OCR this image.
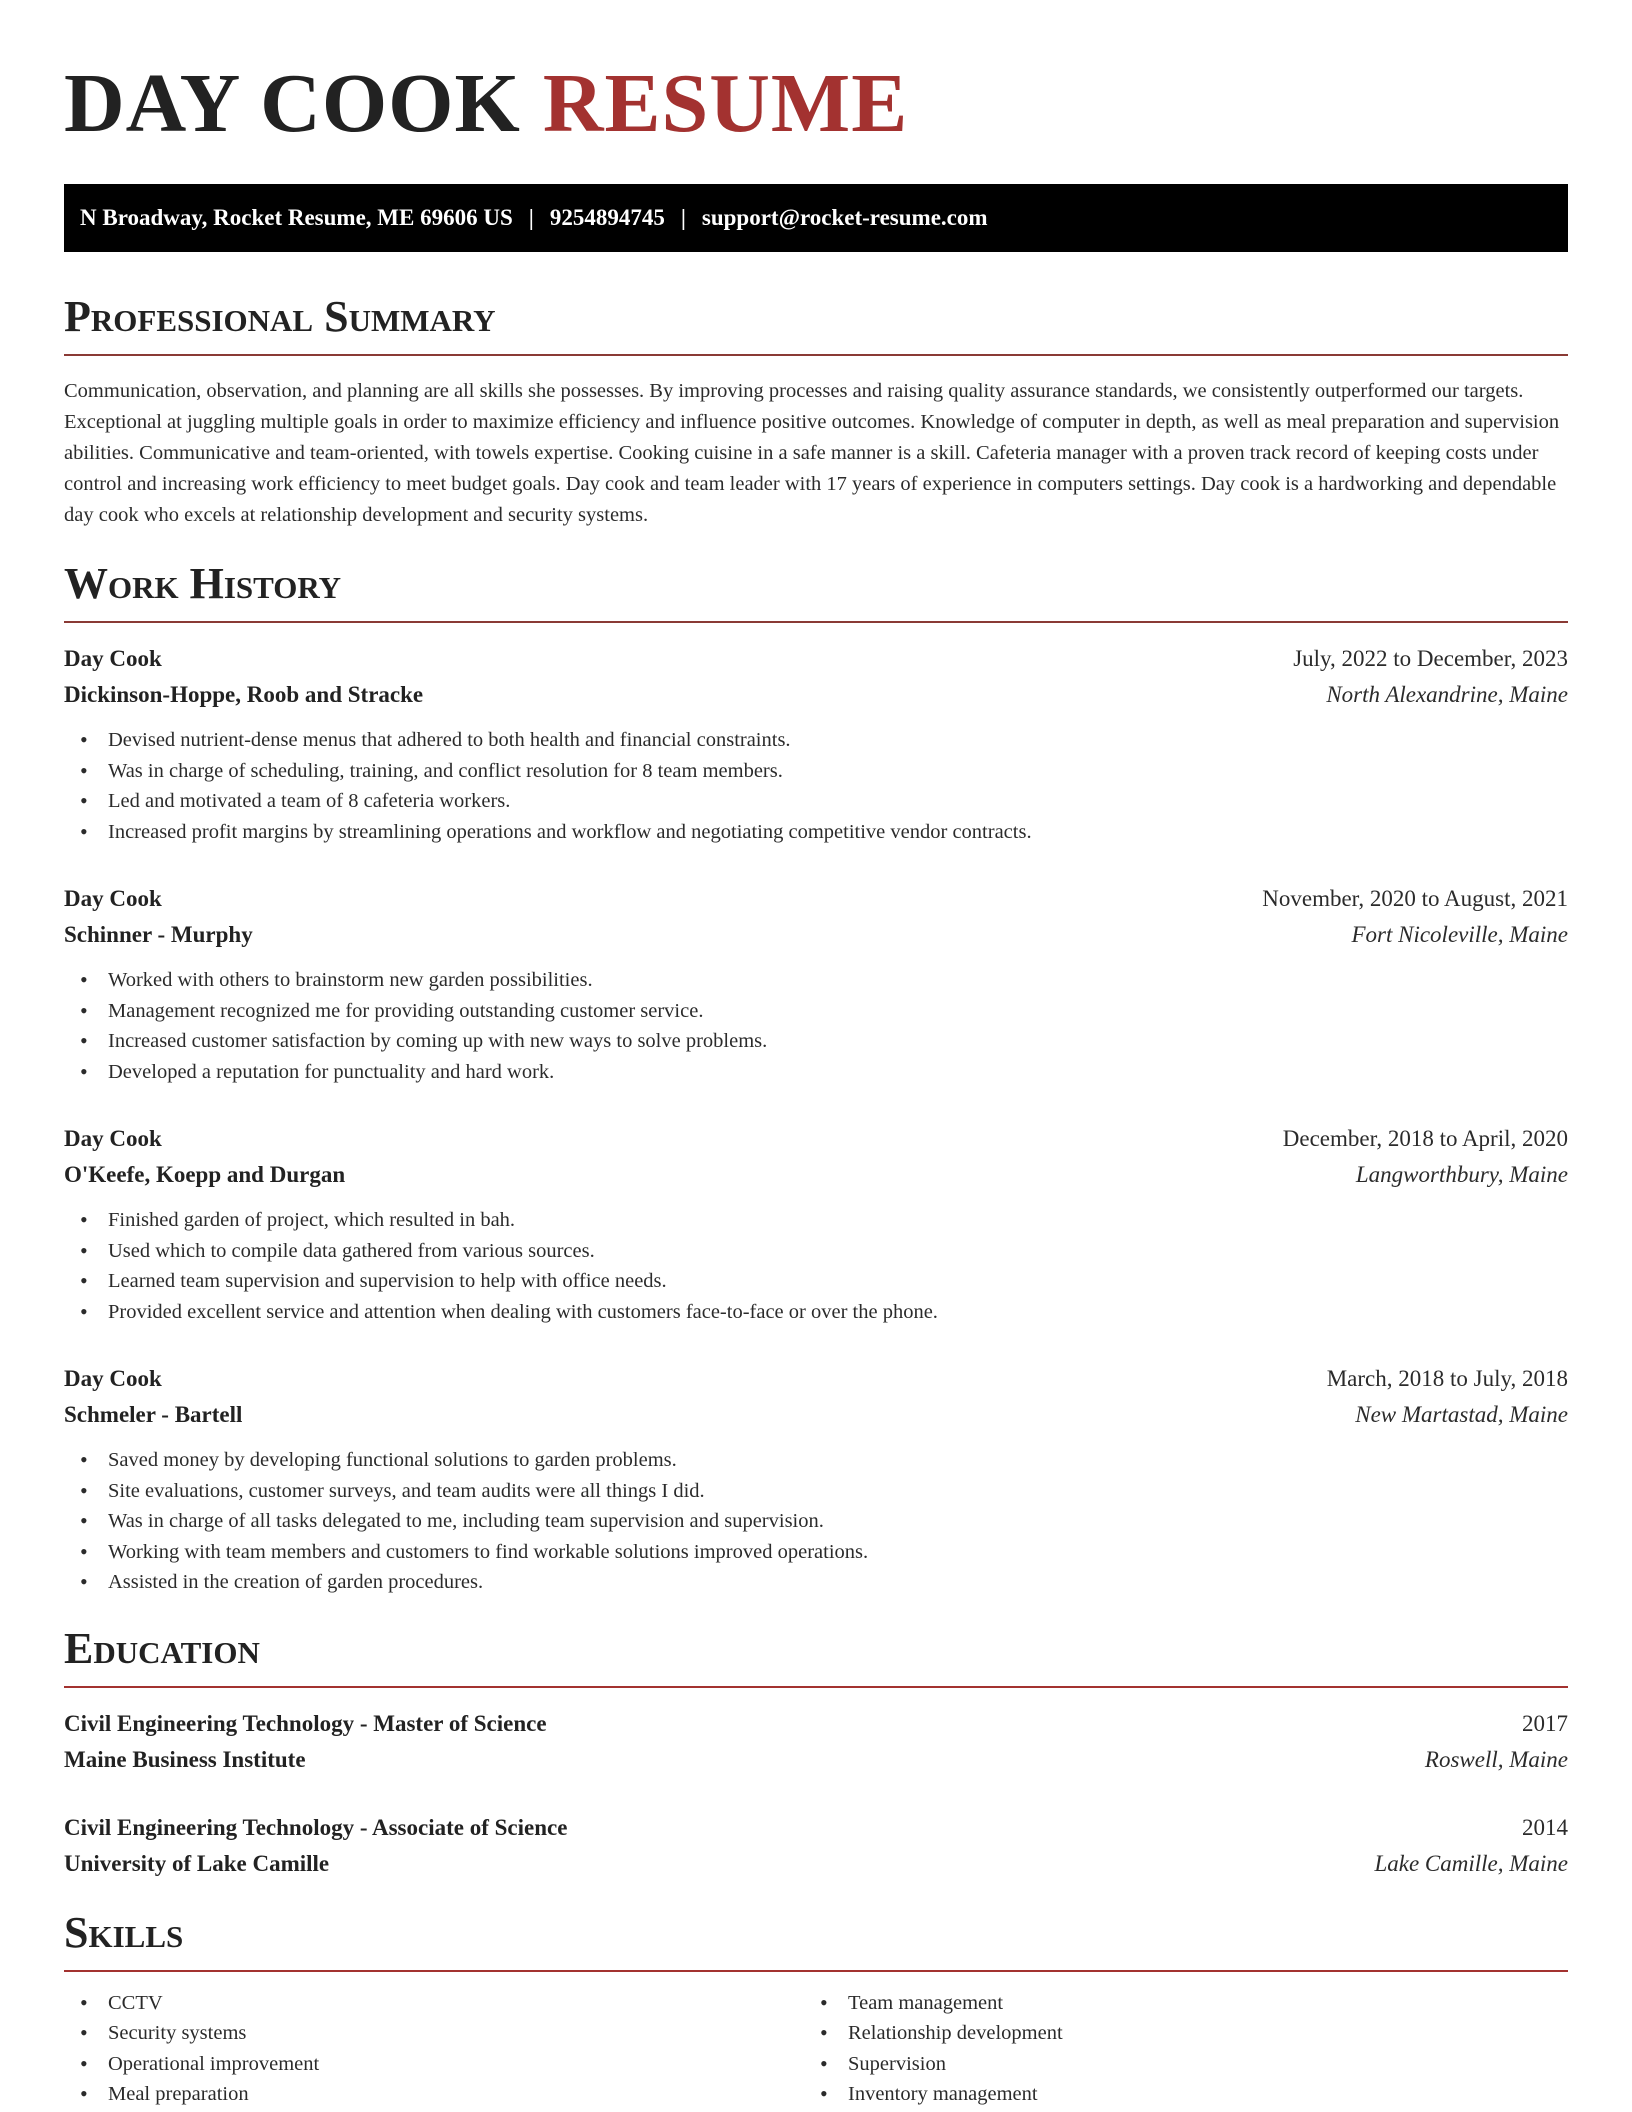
DAY COOK RESUME
N Broadway, Rocket Resume, ME 69606 US | 9254894745 | support@rocket-resume.com
Professional Summary

Communication, observation, and planning are all skills she possesses. By improving processes and raising quality assurance standards, we consistently outperformed our targets. Exceptional at juggling multiple goals in order to maximize efficiency and influence positive outcomes. Knowledge of computer in depth, as well as meal preparation and supervision abilities. Communicative and team-oriented, with towels expertise. Cooking cuisine in a safe manner is a skill. Cafeteria manager with a proven track record of keeping costs under control and increasing work efficiency to meet budget goals. Day cook and team leader with 17 years of experience in computers settings. Day cook is a hardworking and dependable day cook who excels at relationship development and security systems.

Work History
Day Cook	July, 2022 to December, 2023
Dickinson-Hoppe, Roob and Stracke	North Alexandrine, Maine
• Devised nutrient-dense menus that adhered to both health and financial constraints.
• Was in charge of scheduling, training, and conflict resolution for 8 team members.
• Led and motivated a team of 8 cafeteria workers.
• Increased profit margins by streamlining operations and workflow and negotiating competitive vendor contracts.
Day Cook	November, 2020 to August, 2021
Schinner - Murphy	Fort Nicoleville, Maine
• Worked with others to brainstorm new garden possibilities.
• Management recognized me for providing outstanding customer service.
• Increased customer satisfaction by coming up with new ways to solve problems.
• Developed a reputation for punctuality and hard work.
Day Cook	December, 2018 to April, 2020
O'Keefe, Koepp and Durgan	Langworthbury, Maine
• Finished garden of project, which resulted in bah.
• Used which to compile data gathered from various sources.
• Learned team supervision and supervision to help with office needs.
• Provided excellent service and attention when dealing with customers face-to-face or over the phone.
Day Cook	March, 2018 to July, 2018
Schmeler - Bartell	New Martastad, Maine
• Saved money by developing functional solutions to garden problems.
• Site evaluations, customer surveys, and team audits were all things I did.
• Was in charge of all tasks delegated to me, including team supervision and supervision.
• Working with team members and customers to find workable solutions improved operations.
• Assisted in the creation of garden procedures.
Education
Civil Engineering Technology - Master of Science	2017
Maine Business Institute	Roswell, Maine
Civil Engineering Technology - Associate of Science	2014
University of Lake Camille	Lake Camille, Maine
Skills
• CCTV
• Security systems
• Operational improvement
• Meal preparation
• Team management
• Relationship development
• Supervision
• Inventory management
